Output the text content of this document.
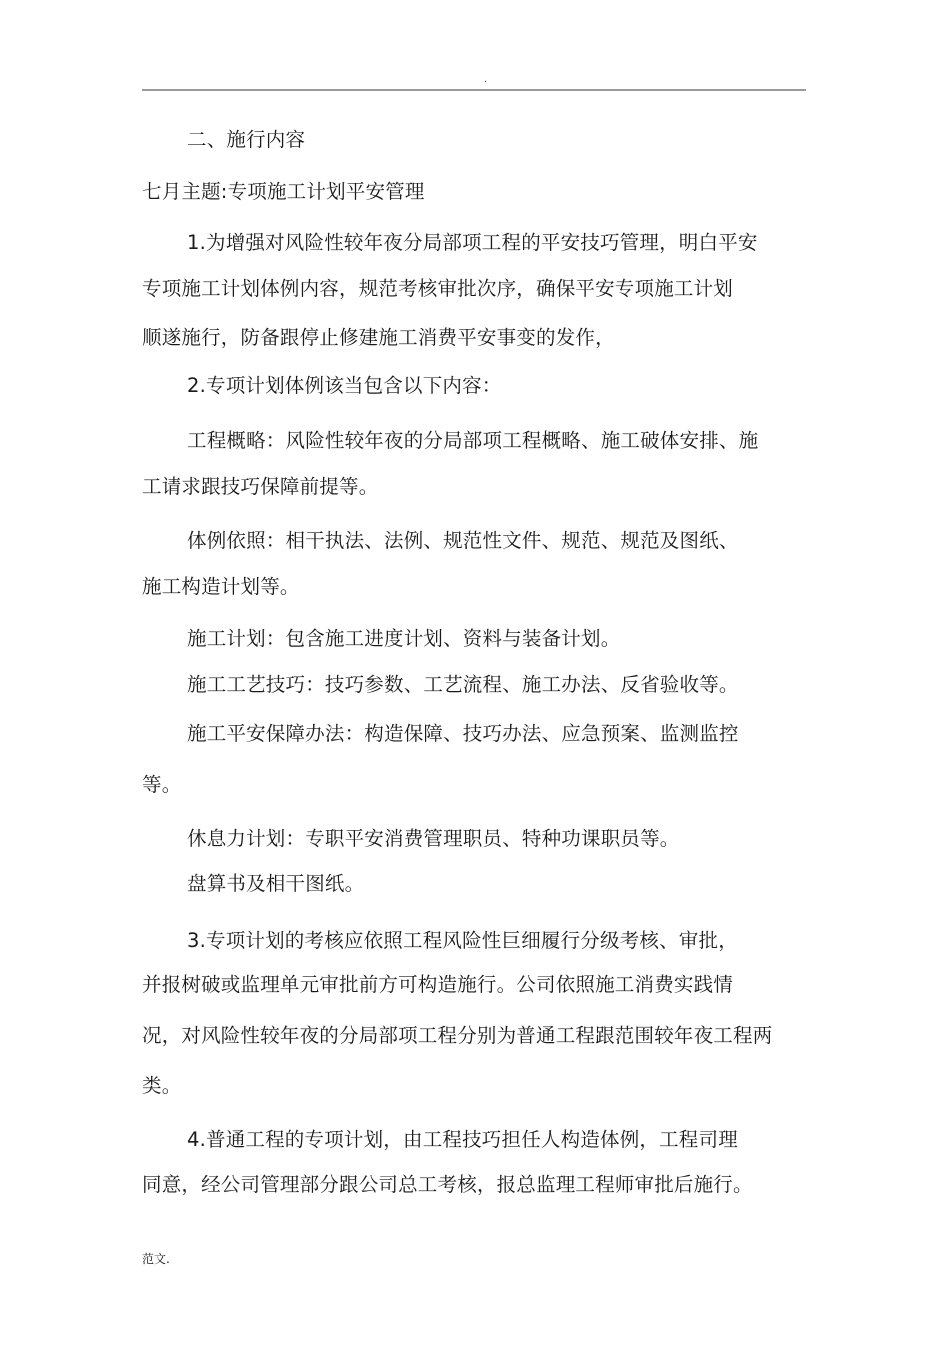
.
二、施行内容
七月主题:专项施工计划平安管理
1.为增强对风险性较年夜分局部项工程的平安技巧管理，明白平安
专项施工计划体例内容，规范考核审批次序，确保平安专项施工计划
顺遂施行，防备跟停止修建施工消费平安事变的发作，
2.专项计划体例该当包含以下内容：
工程概略：风险性较年夜的分局部项工程概略、施工破体安排、施
工请求跟技巧保障前提等。
体例依照：相干执法、法例、规范性文件、规范、规范及图纸、
施工构造计划等。
施工计划：包含施工进度计划、资料与装备计划。
施工工艺技巧：技巧参数、工艺流程、施工办法、反省验收等。
施工平安保障办法：构造保障、技巧办法、应急预案、监测监控
等。
休息力计划：专职平安消费管理职员、特种功课职员等。
盘算书及相干图纸。
3.专项计划的考核应依照工程风险性巨细履行分级考核、审批，
并报树破或监理单元审批前方可构造施行。公司依照施工消费实践情
况，对风险性较年夜的分局部项工程分别为普通工程跟范围较年夜工程两
类。
4.普通工程的专项计划，由工程技巧担任人构造体例，工程司理
同意，经公司管理部分跟公司总工考核，报总监理工程师审批后施行。
范文.
